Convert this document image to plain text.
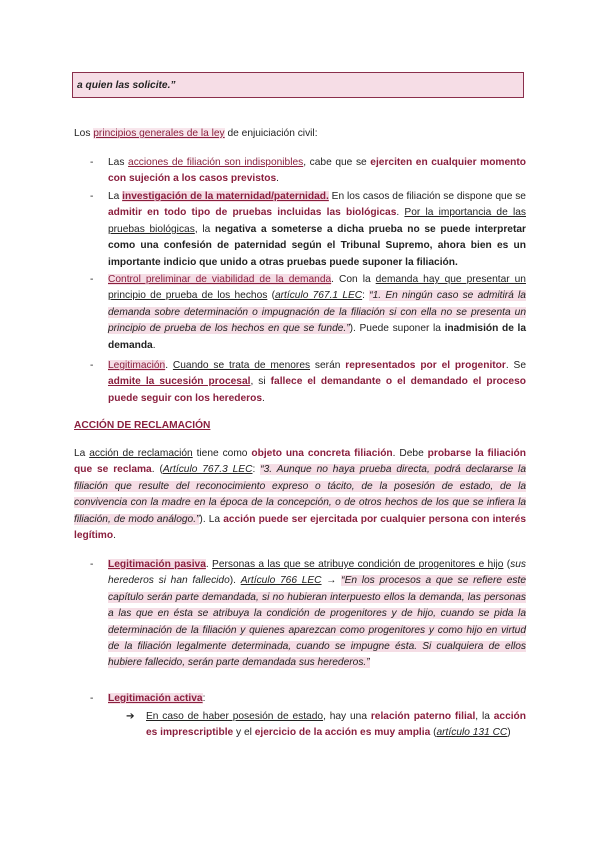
a quien las solicite.”
Los principios generales de la ley de enjuiciación civil:
- Las acciones de filiación son indisponibles, cabe que se ejerciten en cualquier momento con sujeción a los casos previstos.
- La investigación de la maternidad/paternidad. En los casos de filiación se dispone que se admitir en todo tipo de pruebas incluidas las biológicas. Por la importancia de las pruebas biológicas, la negativa a someterse a dicha prueba no se puede interpretar como una confesión de paternidad según el Tribunal Supremo, ahora bien es un importante indicio que unido a otras pruebas puede suponer la filiación.
- Control preliminar de viabilidad de la demanda. Con la demanda hay que presentar un principio de prueba de los hechos (artículo 767.1 LEC: “1. En ningún caso se admitirá la demanda sobre determinación o impugnación de la filiación si con ella no se presenta un principio de prueba de los hechos en que se funde.”). Puede suponer la inadmisión de la demanda.
- Legitimación. Cuando se trata de menores serán representados por el progenitor. Se admite la sucesión procesal, si fallece el demandante o el demandado el proceso puede seguir con los herederos.
ACCIÓN DE RECLAMACIÓN
La acción de reclamación tiene como objeto una concreta filiación. Debe probarse la filiación que se reclama. (Artículo 767.3 LEC: “3. Aunque no haya prueba directa, podrá declararse la filiación que resulte del reconocimiento expreso o tácito, de la posesión de estado, de la convivencia con la madre en la época de la concepción, o de otros hechos de los que se infiera la filiación, de modo análogo.”). La acción puede ser ejercitada por cualquier persona con interés legítimo.
- Legitimación pasiva. Personas a las que se atribuye condición de progenitores e hijo (sus herederos si han fallecido). Artículo 766 LEC → “En los procesos a que se refiere este capítulo serán parte demandada, si no hubieran interpuesto ellos la demanda, las personas a las que en ésta se atribuya la condición de progenitores y de hijo, cuando se pida la determinación de la filiación y quienes aparezcan como progenitores y como hijo en virtud de la filiación legalmente determinada, cuando se impugne ésta. Si cualquiera de ellos hubiere fallecido, serán parte demandada sus herederos.”
- Legitimación activa:
➔ En caso de haber posesión de estado, hay una relación paterno filial, la acción es imprescriptible y el ejercicio de la acción es muy amplia (artículo 131 CC)
